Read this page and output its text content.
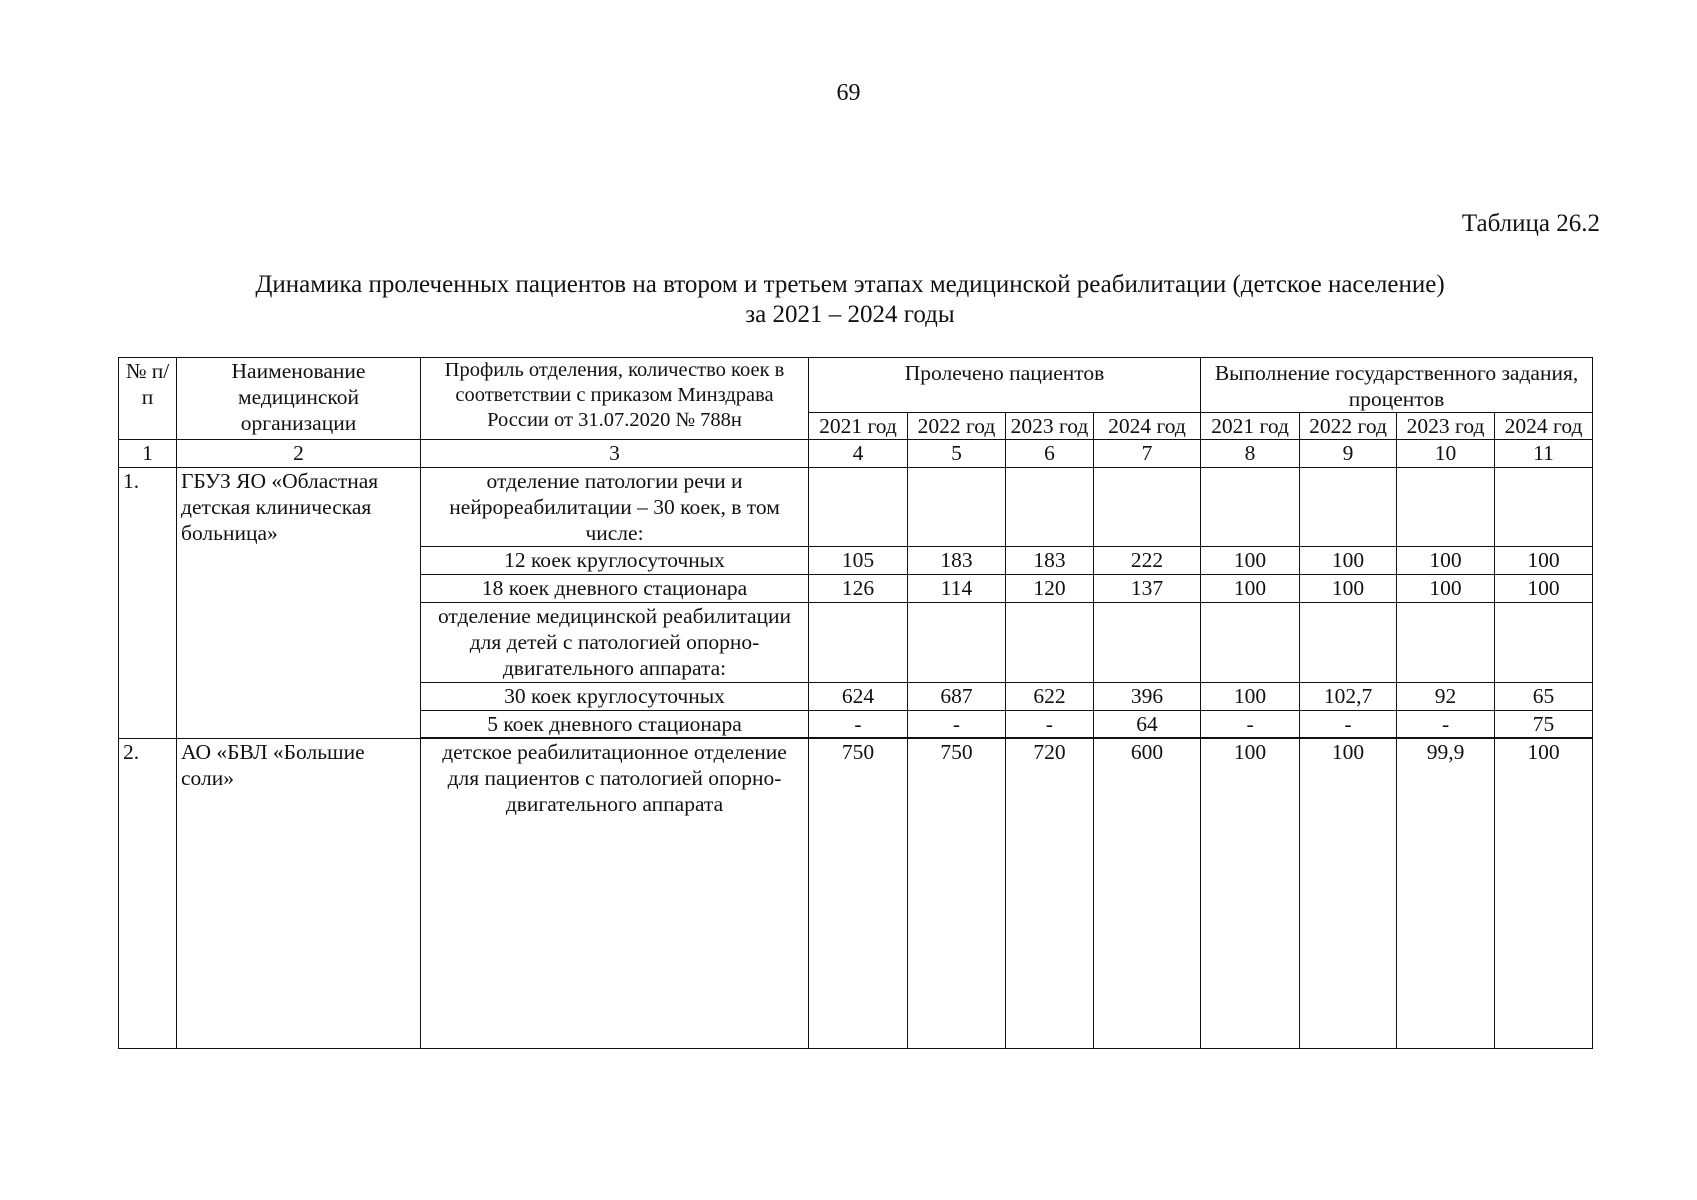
69
Таблица 26.2
Динамика пролеченных пациентов на втором и третьем этапах медицинской реабилитации (детское население)
за 2021 – 2024 годы
№ п/п	Наименование медицинской организации	Профиль отделения, количество коек в соответствии с приказом Минздрава России от 31.07.2020 № 788н	Пролечено пациентов				Выполнение государственного задания, процентов			
			2021 год	2022 год	2023 год	2024 год	2021 год	2022 год	2023 год	2024 год
1	2	3	4	5	6	7	8	9	10	11
1.	ГБУЗ ЯО «Областная детская клиническая больница»	отделение патологии речи и нейрореабилитации – 30 коек, в том числе:								
		12 коек круглосуточных	105	183	183	222	100	100	100	100
		18 коек дневного стационара	126	114	120	137	100	100	100	100
		отделение медицинской реабилитации для детей с патологией опорно-двигательного аппарата:								
		30 коек круглосуточных	624	687	622	396	100	102,7	92	65
		5 коек дневного стационара	-	-	-	64	-	-	-	75

2.	АО «БВЛ «Большие соли»	детское реабилитационное отделение для пациентов с патологией опорно-двигательного аппарата	750	750	720	600	100	100	99,9	100
